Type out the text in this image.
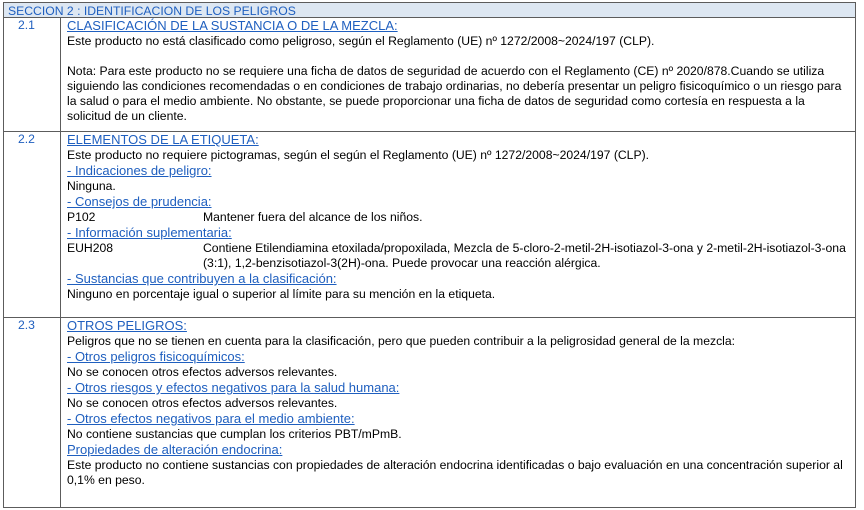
SECCION 2 : IDENTIFICACION DE LOS PELIGROS
2.1	CLASIFICACIÓN DE LA SUSTANCIA O DE LA MEZCLA:

Este producto no está clasificado como peligroso, según el Reglamento (UE) nº 1272/2008~2024/197 (CLP).

Nota: Para este producto no se requiere una ficha de datos de seguridad de acuerdo con el Reglamento (CE) nº 2020/878.Cuando se utiliza siguiendo las condiciones recomendadas o en condiciones de trabajo ordinarias, no debería presentar un peligro fisicoquímico o un riesgo para la salud o para el medio ambiente. No obstante, se puede proporcionar una ficha de datos de seguridad como cortesía en respuesta a la solicitud de un cliente.

2.2	ELEMENTOS DE LA ETIQUETA:

Este producto no requiere pictogramas, según el según el Reglamento (UE) nº 1272/2008~2024/197 (CLP).

- Indicaciones de peligro:

Ninguna.

- Consejos de prudencia:
P102	Mantener fuera del alcance de los niños.
- Información suplementaria:
EUH208	Contiene Etilendiamina etoxilada/propoxilada, Mezcla de 5-cloro-2-metil-2H-isotiazol-3-ona y 2-metil-2H-isotiazol-3-ona (3:1), 1,2-benzisotiazol-3(2H)-ona. Puede provocar una reacción alérgica.
- Sustancias que contribuyen a la clasificación:

Ninguno en porcentaje igual o superior al límite para su mención en la etiqueta.

2.3	OTROS PELIGROS:

Peligros que no se tienen en cuenta para la clasificación, pero que pueden contribuir a la peligrosidad general de la mezcla:

- Otros peligros fisicoquímicos:

No se conocen otros efectos adversos relevantes.

- Otros riesgos y efectos negativos para la salud humana:

No se conocen otros efectos adversos relevantes.

- Otros efectos negativos para el medio ambiente:

No contiene sustancias que cumplan los criterios PBT/mPmB.

Propiedades de alteración endocrina:

Este producto no contiene sustancias con propiedades de alteración endocrina identificadas o bajo evaluación en una concentración superior al 0,1% en peso.
